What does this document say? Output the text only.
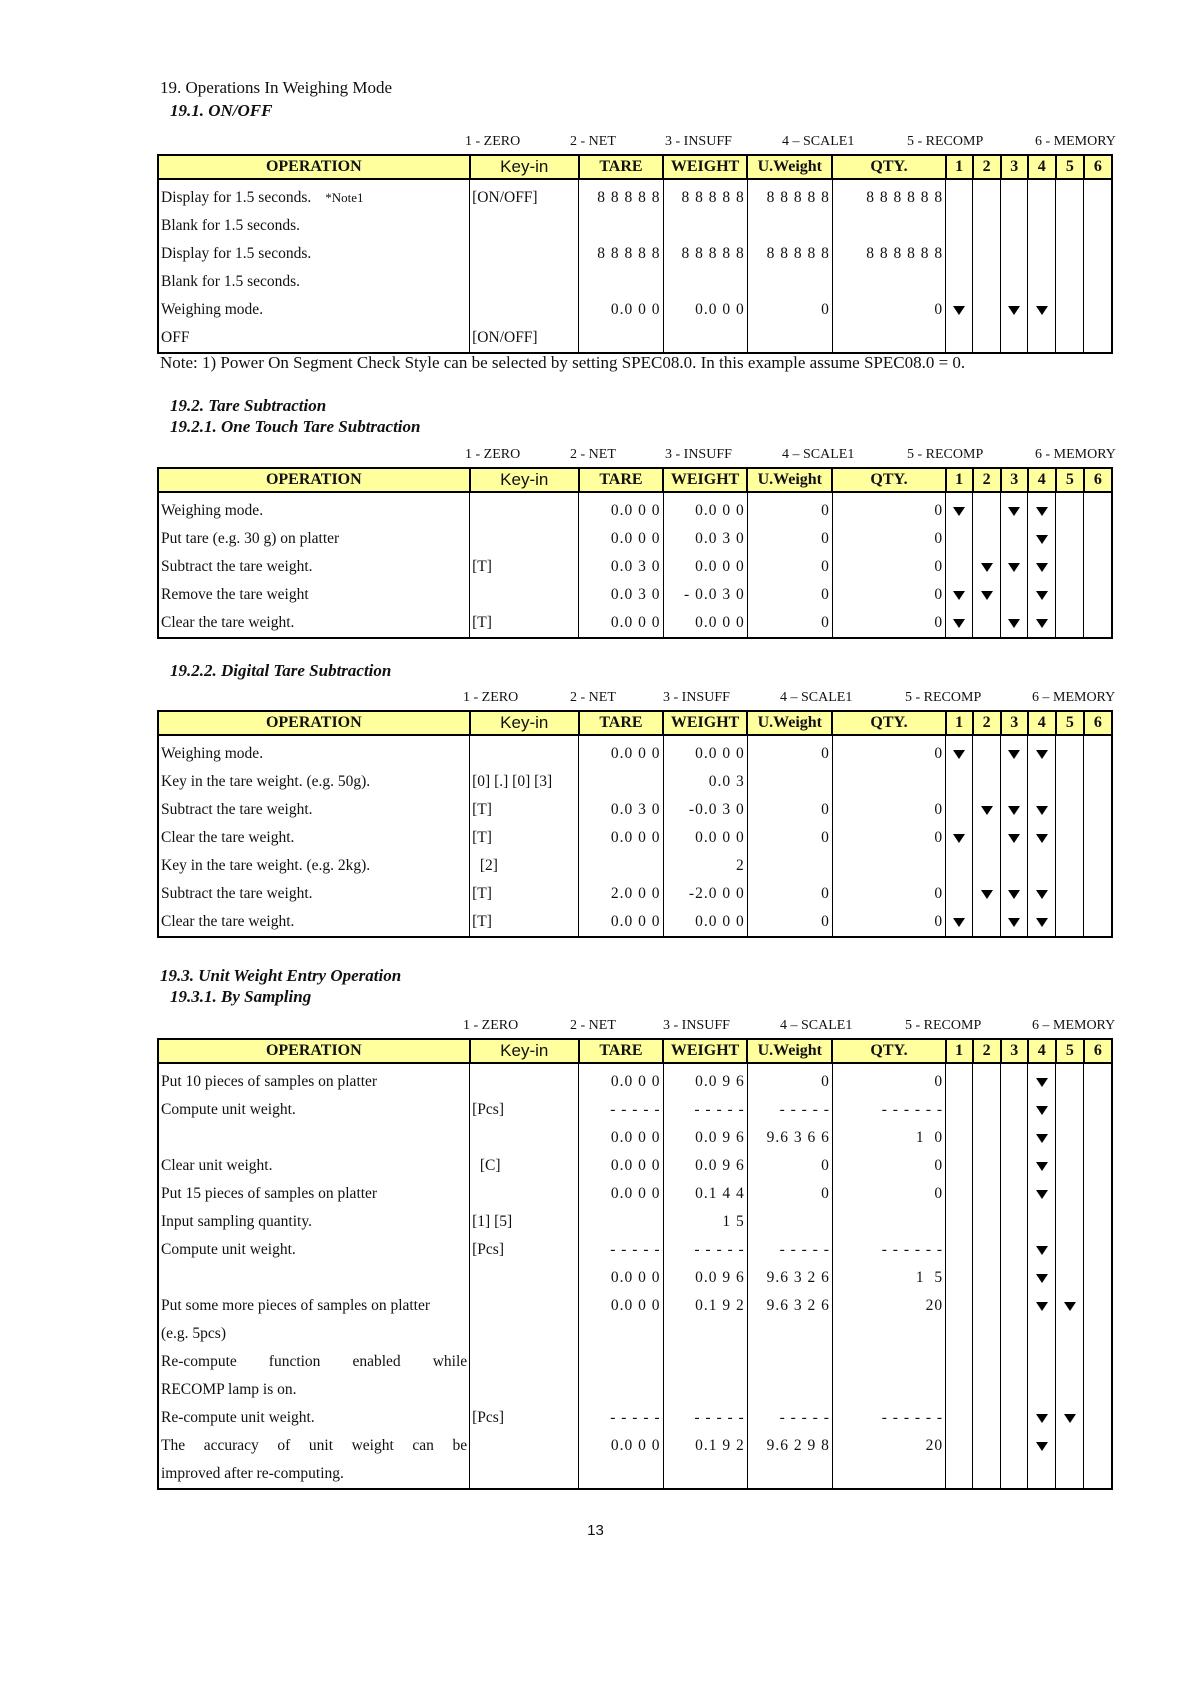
19. Operations In Weighing Mode
19.1. ON/OFF
1 - ZERO	2 - NET	3 - INSUFF	4 – SCALE1	5 - RECOMP	6 - MEMORY
OPERATION	Key-in	TARE	WEIGHT	U.Weight	QTY.	1	2	3	4	5	6
Display for 1.5 seconds. *Note1	[ON/OFF]	8 8 8 8 8	8 8 8 8 8	8 8 8 8 8	8 8 8 8 8 8						
Blank for 1.5 seconds.											
Display for 1.5 seconds.		8 8 8 8 8	8 8 8 8 8	8 8 8 8 8	8 8 8 8 8 8						
Blank for 1.5 seconds.											
Weighing mode.		0.0 0 0	0.0 0 0	0	0						
OFF	[ON/OFF]										
Note: 1) Power On Segment Check Style can be selected by setting SPEC08.0. In this example assume SPEC08.0 = 0.
19.2. Tare Subtraction
19.2.1. One Touch Tare Subtraction
1 - ZERO	2 - NET	3 - INSUFF	4 – SCALE1	5 - RECOMP	6 - MEMORY
OPERATION	Key-in	TARE	WEIGHT	U.Weight	QTY.	1	2	3	4	5	6
Weighing mode.		0.0 0 0	0.0 0 0	0	0						
Put tare (e.g. 30 g) on platter		0.0 0 0	0.0 3 0	0	0						
Subtract the tare weight.	[T]	0.0 3 0	0.0 0 0	0	0						
Remove the tare weight		0.0 3 0	- 0.0 3 0	0	0						
Clear the tare weight.	[T]	0.0 0 0	0.0 0 0	0	0						
19.2.2. Digital Tare Subtraction
1 - ZERO	2 - NET	3 - INSUFF	4 – SCALE1	5 - RECOMP	6 – MEMORY
OPERATION	Key-in	TARE	WEIGHT	U.Weight	QTY.	1	2	3	4	5	6
Weighing mode.		0.0 0 0	0.0 0 0	0	0						
Key in the tare weight. (e.g. 50g).	[0] [.] [0] [3]		0.0 3								
Subtract the tare weight.	[T]	0.0 3 0	-0.0 3 0	0	0						
Clear the tare weight.	[T]	0.0 0 0	0.0 0 0	0	0						
Key in the tare weight. (e.g. 2kg).	[2]		2								
Subtract the tare weight.	[T]	2.0 0 0	-2.0 0 0	0	0						
Clear the tare weight.	[T]	0.0 0 0	0.0 0 0	0	0						
19.3. Unit Weight Entry Operation
19.3.1. By Sampling
1 - ZERO	2 - NET	3 - INSUFF	4 – SCALE1	5 - RECOMP	6 – MEMORY
OPERATION	Key-in	TARE	WEIGHT	U.Weight	QTY.	1	2	3	4	5	6
Put 10 pieces of samples on platter		0.0 0 0	0.0 9 6	0	0						
Compute unit weight.	[Pcs]	- - - - -	- - - - -	- - - - -	- - - - - -						
		0.0 0 0	0.0 9 6	9.6 3 6 6	1  0						
Clear unit weight.	[C]	0.0 0 0	0.0 9 6	0	0						
Put 15 pieces of samples on platter		0.0 0 0	0.1 4 4	0	0						
Input sampling quantity.	[1] [5]		1 5								
Compute unit weight.	[Pcs]	- - - - -	- - - - -	- - - - -	- - - - - -						
		0.0 0 0	0.0 9 6	9.6 3 2 6	1  5						
Put some more pieces of samples on platter		0.0 0 0	0.1 9 2	9.6 3 2 6	20						
(e.g. 5pcs)											
Re-compute function enabled while											
RECOMP lamp is on.											
Re-compute unit weight.	[Pcs]	- - - - -	- - - - -	- - - - -	- - - - - -						
The accuracy of unit weight can be		0.0 0 0	0.1 9 2	9.6 2 9 8	20						
improved after re-computing.											
13
